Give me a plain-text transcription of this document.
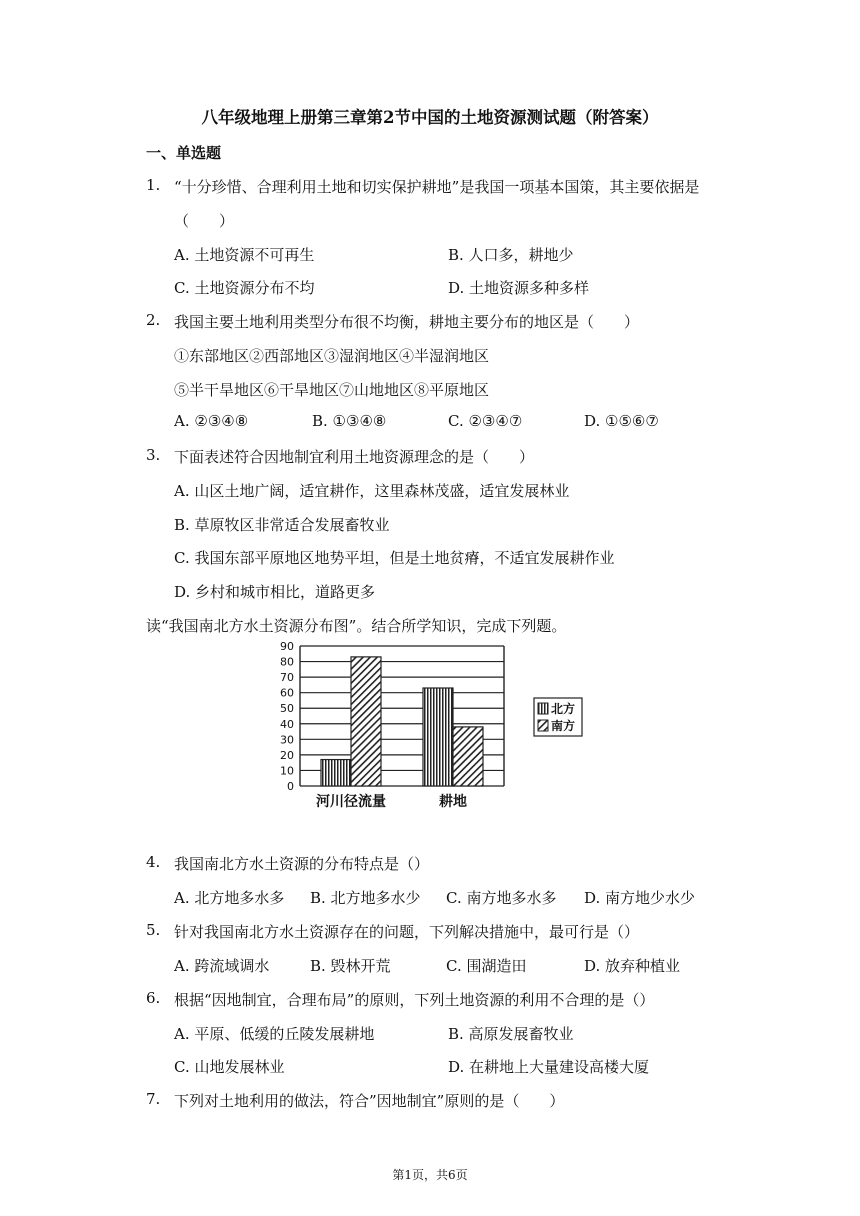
八年级地理上册第三章第2节中国的土地资源测试题（附答案）
一、单选题
1. “十分珍惜、合理利用土地和切实保护耕地”是我国一项基本国策，其主要依据是
（　　）
A. 土地资源不可再生	B. 人口多，耕地少
C. 土地资源分布不均	D. 土地资源多种多样
2. 我国主要土地利用类型分布很不均衡，耕地主要分布的地区是（　　）
①东部地区②西部地区③湿润地区④半湿润地区
⑤半干旱地区⑥干旱地区⑦山地地区⑧平原地区
A. ②③④⑧	B. ①③④⑧	C. ②③④⑦	D. ①⑤⑥⑦
3. 下面表述符合因地制宜利用土地资源理念的是（　　）
A. 山区土地广阔，适宜耕作，这里森林茂盛，适宜发展林业
B. 草原牧区非常适合发展畜牧业
C. 我国东部平原地区地势平坦，但是土地贫瘠，不适宜发展耕作业
D. 乡村和城市相比，道路更多
读“我国南北方水土资源分布图”。结合所学知识，完成下列题。
0
10
20
30
40
50
60
70
80
90
河川径流量	耕地
北方
南方
4. 我国南北方水土资源的分布特点是（）
A. 北方地多水多 B. 北方地多水少 C. 南方地多水多 D. 南方地少水少
5. 针对我国南北方水土资源存在的问题，下列解决措施中，最可行是（）
A. 跨流域调水	B. 毁林开荒	C. 围湖造田	D. 放弃种植业
6. 根据“因地制宜，合理布局”的原则，下列土地资源的利用不合理的是（）
A. 平原、低缓的丘陵发展耕地	B. 高原发展畜牧业
C. 山地发展林业	D. 在耕地上大量建设高楼大厦
7. 下列对土地利用的做法，符合”因地制宜”原则的是（　　）
第1页，共6页
